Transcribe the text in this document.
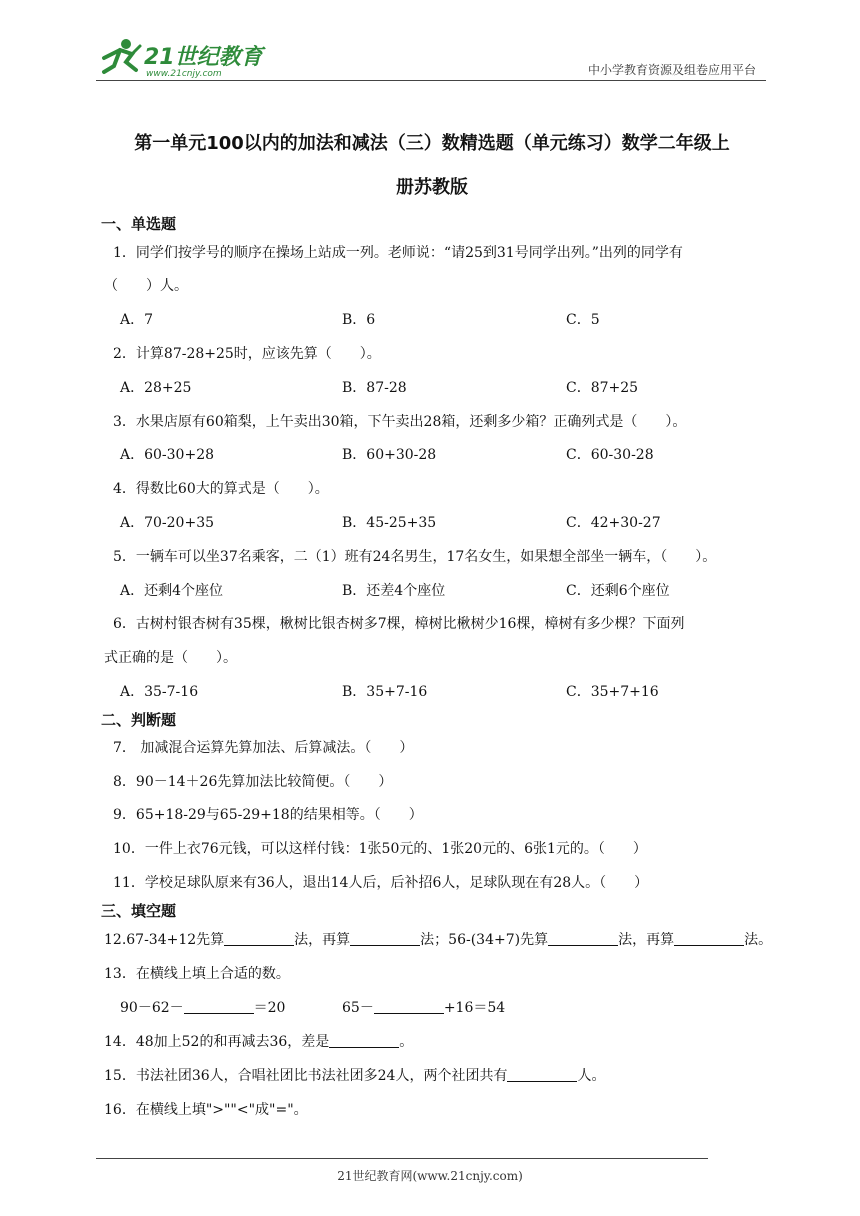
21世纪教育
www.21cnjy.com	中小学教育资源及组卷应用平台
第一单元100以内的加法和减法（三）数精选题（单元练习）数学二年级上
册苏教版
一、单选题
1．同学们按学号的顺序在操场上站成一列。老师说：“请25到31号同学出列。”出列的同学有
（　　）人。
A．7	B．6	C．5
2．计算87-28+25时，应该先算（　　）。
A．28+25	B．87-28	C．87+25
3．水果店原有60箱梨，上午卖出30箱，下午卖出28箱，还剩多少箱？正确列式是（　　）。
A．60-30+28	B．60+30-28	C．60-30-28
4．得数比60大的算式是（　　）。
A．70-20+35	B．45-25+35	C．42+30-27
5．一辆车可以坐37名乘客，二（1）班有24名男生，17名女生，如果想全部坐一辆车，（　　）。
A．还剩4个座位	B．还差4个座位	C．还剩6个座位
6．古树村银杏树有35棵，楸树比银杏树多7棵，樟树比楸树少16棵，樟树有多少棵？下面列
式正确的是（　　）。
A．35-7-16	B．35+7-16	C．35+7+16
二、判断题
7． 加减混合运算先算加法、后算减法。（　　）
8．90－14＋26先算加法比较简便。（　　）
9．65+18-29与65-29+18的结果相等。（　　）
10．一件上衣76元钱，可以这样付钱：1张50元的、1张20元的、6张1元的。（　　）
11．学校足球队原来有36人，退出14人后，后补招6人，足球队现在有28人。（　　）
三、填空题
12.67-34+12先算	法，再算	法；56-(34+7)先算	法，再算	法。
13．在横线上填上合适的数。
90－62－	＝20	65－	+16＝54
14．48加上52的和再减去36，差是	。
15．书法社团36人，合唱社团比书法社团多24人，两个社团共有	人。
16．在横线上填">""<"成"="。
21世纪教育网(www.21cnjy.com)
